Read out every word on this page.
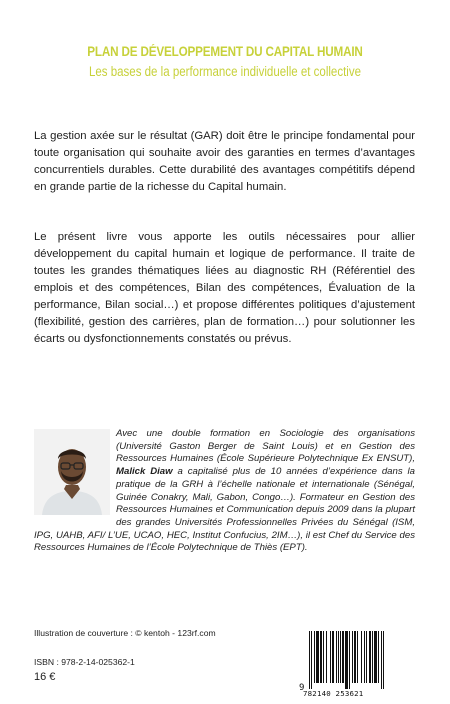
PLAN DE DÉVELOPPEMENT DU CAPITAL HUMAIN
Les bases de la performance individuelle et collective

La gestion axée sur le résultat (GAR) doit être le principe fondamental pour toute organisation qui souhaite avoir des garanties en termes d’avantages concurrentiels durables. Cette durabilité des avantages compétitifs dépend en grande partie de la richesse du Capital humain.

Le présent livre vous apporte les outils nécessaires pour allier développement du capital humain et logique de performance. Il traite de toutes les grandes thématiques liées au diagnostic RH (Référentiel des emplois et des compétences, Bilan des compétences, Évaluation de la performance, Bilan social…) et propose différentes politiques d’ajustement (flexibilité, gestion des carrières, plan de formation…) pour solutionner les écarts ou dysfonctionnements constatés ou prévus.

Avec une double formation en Sociologie des organisations (Université Gaston Berger de Saint Louis) et en Gestion des Ressources Humaines (École Supérieure Polytechnique Ex ENSUT), Malick Diaw a capitalisé plus de 10 années d’expérience dans la pratique de la GRH à l’échelle nationale et internationale (Sénégal, Guinée Conakry, Mali, Gabon, Congo…). Formateur en Gestion des Ressources Humaines et Communication depuis 2009 dans la plupart des grandes Universités Professionnelles Privées du Sénégal (ISM, IPG, UAHB, AFI/ L’UE, UCAO, HEC, Institut Confucius, 2IM…), il est Chef du Service des Ressources Humaines de l’École Polytechnique de Thiès (EPT).
Illustration de couverture : © kentoh - 123rf.com
ISBN : 978-2-14-025362-1
16 €
9
782140 253621
